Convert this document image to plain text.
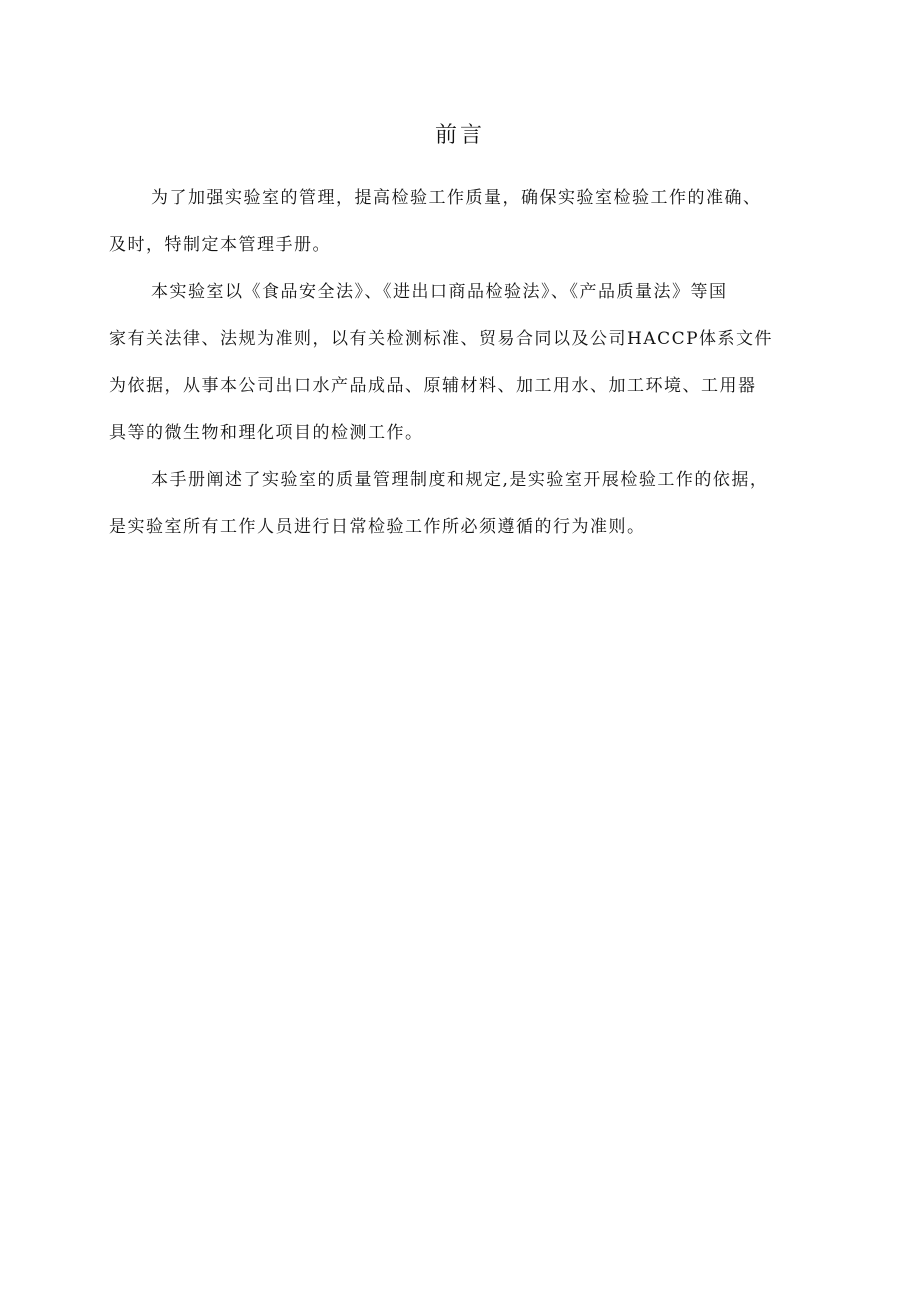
前言
为了加强实验室的管理，提高检验工作质量，确保实验室检验工作的准确、
及时，特制定本管理手册。
本实验室以《食品安全法》、《进出口商品检验法》、《产品质量法》等国
家有关法律、法规为准则，以有关检测标准、贸易合同以及公司HACCP体系文件
为依据，从事本公司出口水产品成品、原辅材料、加工用水、加工环境、工用器
具等的微生物和理化项目的检测工作。
本手册阐述了实验室的质量管理制度和规定,是实验室开展检验工作的依据，
是实验室所有工作人员进行日常检验工作所必须遵循的行为准则。
